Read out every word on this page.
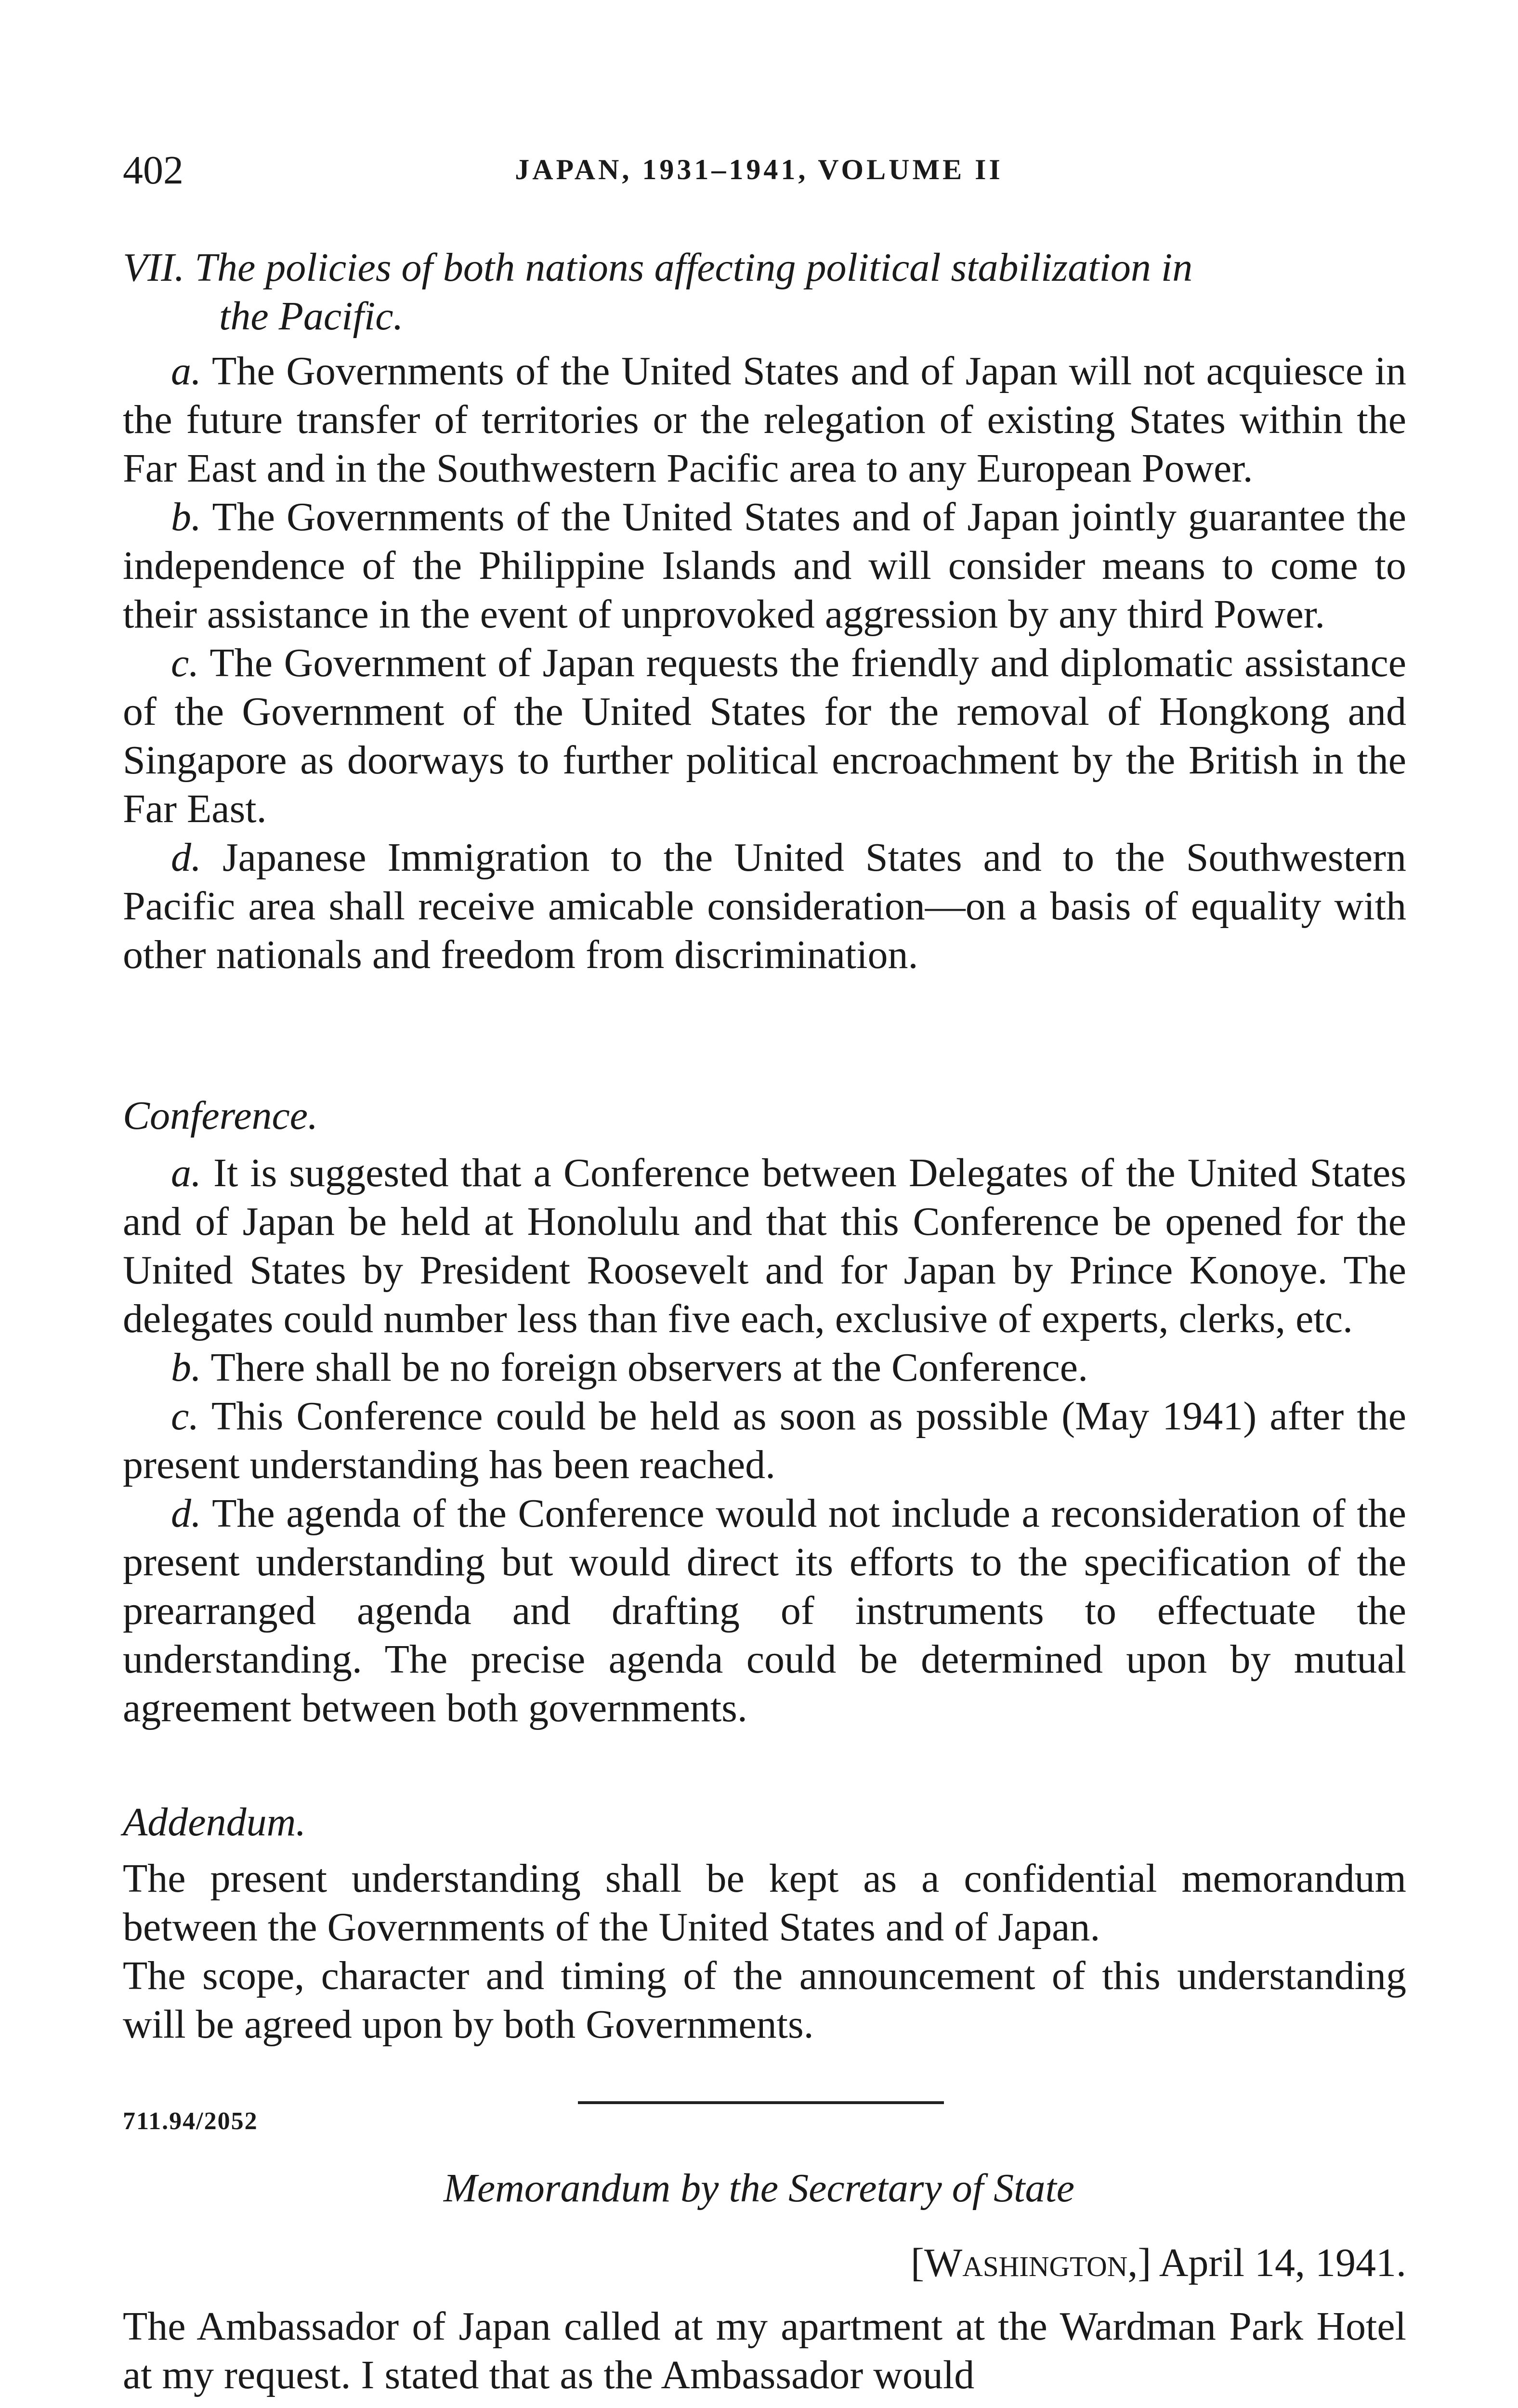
402	JAPAN, 1931–1941, VOLUME II
VII. The policies of both nations affecting political stabilization in
the Pacific.

a. The Governments of the United States and of Japan will not acquiesce in the future transfer of territories or the relegation of existing States within the Far East and in the Southwestern Pacific area to any European Power.

b. The Governments of the United States and of Japan jointly guarantee the independence of the Philippine Islands and will consider means to come to their assistance in the event of unprovoked aggression by any third Power.

c. The Government of Japan requests the friendly and diplomatic assistance of the Government of the United States for the removal of Hongkong and Singapore as doorways to further political encroachment by the British in the Far East.

d. Japanese Immigration to the United States and to the Southwestern Pacific area shall receive amicable consideration—on a basis of equality with other nationals and freedom from discrimination.

Conference.

a. It is suggested that a Conference between Delegates of the United States and of Japan be held at Honolulu and that this Conference be opened for the United States by President Roosevelt and for Japan by Prince Konoye. The delegates could number less than five each, exclusive of experts, clerks, etc.

b. There shall be no foreign observers at the Conference.

c. This Conference could be held as soon as possible (May 1941) after the present understanding has been reached.

d. The agenda of the Conference would not include a reconsideration of the present understanding but would direct its efforts to the specification of the prearranged agenda and drafting of instruments to effectuate the understanding. The precise agenda could be determined upon by mutual agreement between both governments.

Addendum.

The present understanding shall be kept as a confidential memorandum between the Governments of the United States and of Japan.

The scope, character and timing of the announcement of this understanding will be agreed upon by both Governments.

711.94/2052
Memorandum by the Secretary of State
[Washington,] April 14, 1941.

The Ambassador of Japan called at my apartment at the Wardman Park Hotel at my request. I stated that as the Ambassador would
